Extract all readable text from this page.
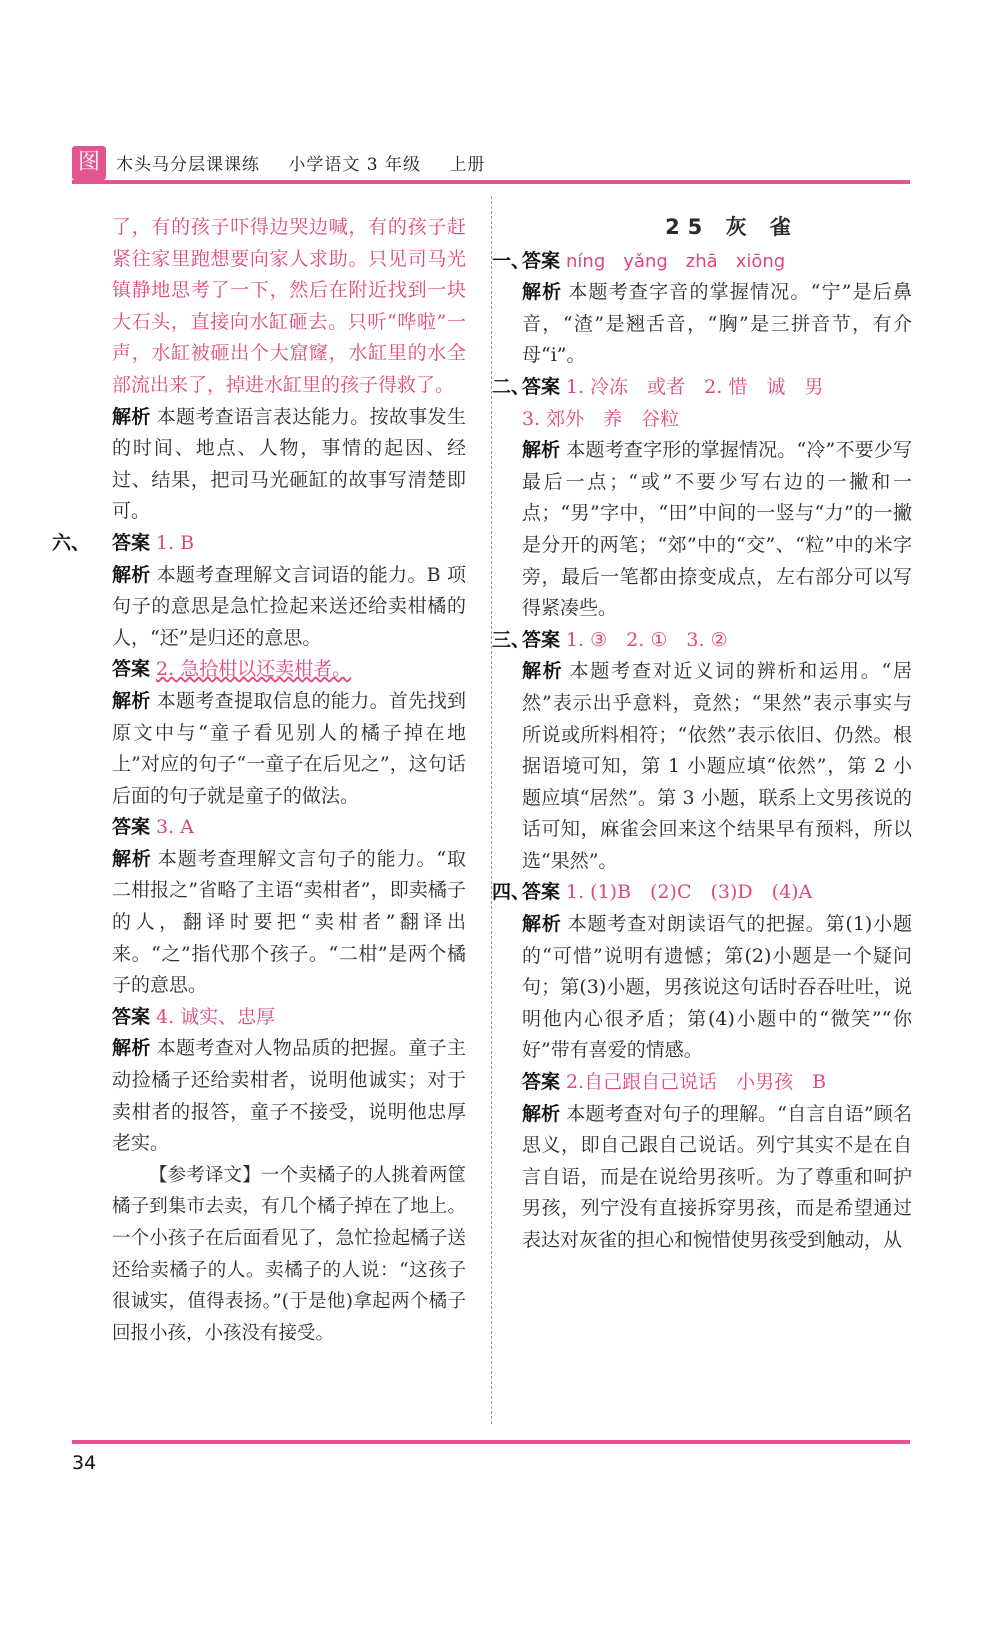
图 木头马分层课课练 小学语文 3 年级 上册

了，有的孩子吓得边哭边喊，有的孩子赶紧往家里跑想要向家人求助。只见司马光镇静地思考了一下，然后在附近找到一块大石头，直接向水缸砸去。只听“哗啦”一声，水缸被砸出个大窟窿，水缸里的水全部流出来了，掉进水缸里的孩子得救了。

解析 本题考查语言表达能力。按故事发生的时间、地点、人物，事情的起因、经过、结果，把司马光砸缸的故事写清楚即可。

六、 答案 1. B

解析 本题考查理解文言词语的能力。B 项句子的意思是急忙捡起来送还给卖柑橘的人，“还”是归还的意思。

答案 2. 急拾柑以还卖柑者。

解析 本题考查提取信息的能力。首先找到原文中与“童子看见别人的橘子掉在地上”对应的句子“一童子在后见之”，这句话后面的句子就是童子的做法。

答案 3. A

解析 本题考查理解文言句子的能力。“取二柑报之”省略了主语“卖柑者”，即卖橘子的人，翻译时要把“卖柑者”翻译出来。“之”指代那个孩子。“二柑”是两个橘子的意思。

答案 4. 诚实、忠厚

解析 本题考查对人物品质的把握。童子主动捡橘子还给卖柑者，说明他诚实；对于卖柑者的报答，童子不接受，说明他忠厚老实。

【参考译文】一个卖橘子的人挑着两筐橘子到集市去卖，有几个橘子掉在了地上。一个小孩子在后面看见了，急忙捡起橘子送还给卖橘子的人。卖橘子的人说：“这孩子很诚实，值得表扬。”(于是他)拿起两个橘子回报小孩，小孩没有接受。

25 灰 雀

一、

答案 níng yǎng zhā xiōng

解析 本题考查字音的掌握情况。“宁”是后鼻音，“渣”是翘舌音，“胸”是三拼音节，有介母“i”。

二、

答案 1. 冷冻　或者　2. 惜　诚　男

3. 郊外　养　谷粒

解析 本题考查字形的掌握情况。“冷”不要少写最后一点；“或”不要少写右边的一撇和一点；“男”字中，“田”中间的一竖与“力”的一撇是分开的两笔；“郊”中的“交”、“粒”中的米字旁，最后一笔都由捺变成点，左右部分可以写得紧凑些。

三、

答案 1. ③　2. ①　3. ②

解析 本题考查对近义词的辨析和运用。“居然”表示出乎意料，竟然；“果然”表示事实与所说或所料相符；“依然”表示依旧、仍然。根据语境可知，第 1 小题应填“依然”，第 2 小题应填“居然”。第 3 小题，联系上文男孩说的话可知，麻雀会回来这个结果早有预料，所以选“果然”。

四、

答案 1. (1)B　(2)C　(3)D　(4)A

解析 本题考查对朗读语气的把握。第(1)小题的“可惜”说明有遗憾；第(2)小题是一个疑问句；第(3)小题，男孩说这句话时吞吞吐吐，说明他内心很矛盾；第(4)小题中的“微笑”“你好”带有喜爱的情感。

答案 2.自己跟自己说话　小男孩　B

解析 本题考查对句子的理解。“自言自语”顾名思义，即自己跟自己说话。列宁其实不是在自言自语，而是在说给男孩听。为了尊重和呵护男孩，列宁没有直接拆穿男孩，而是希望通过表达对灰雀的担心和惋惜使男孩受到触动，从

34
